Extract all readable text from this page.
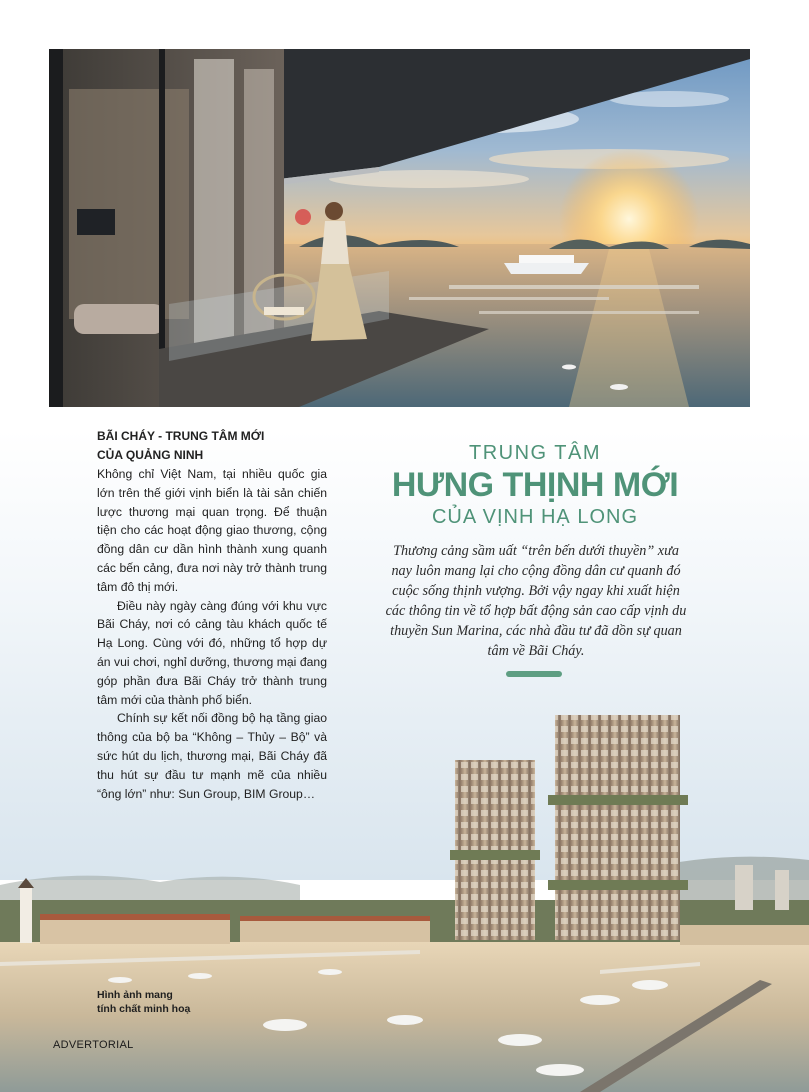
BÃI CHÁY - TRUNG TÂM MỚI
CỦA QUẢNG NINH

Không chỉ Việt Nam, tại nhiều quốc gia lớn trên thế giới vịnh biển là tài sản chiến lược thương mại quan trọng. Để thuận tiện cho các hoạt động giao thương, cộng đồng dân cư dần hình thành xung quanh các bến cảng, đưa nơi này trở thành trung tâm đô thị mới.

Điều này ngày càng đúng với khu vực Bãi Cháy, nơi có cảng tàu khách quốc tế Hạ Long. Cùng với đó, những tổ hợp dự án vui chơi, nghỉ dưỡng, thương mại đang góp phần đưa Bãi Cháy trở thành trung tâm mới của thành phố biển.

Chính sự kết nối đồng bộ hạ tầng giao thông của bộ ba “Không – Thủy – Bộ” và sức hút du lịch, thương mại, Bãi Cháy đã thu hút sự đầu tư mạnh mẽ của nhiều “ông lớn” như: Sun Group, BIM Group…

TRUNG TÂM
HƯNG THỊNH MỚI
CỦA VỊNH HẠ LONG
Thương cảng sầm uất “trên bến dưới thuyền” xưa nay luôn mang lại cho cộng đồng dân cư quanh đó cuộc sống thịnh vượng. Bởi vậy ngay khi xuất hiện các thông tin về tổ hợp bất động sản cao cấp vịnh du thuyền Sun Marina, các nhà đầu tư đã dồn sự quan tâm về Bãi Cháy.
Hình ảnh mang
tính chất minh hoạ
ADVERTORIAL
